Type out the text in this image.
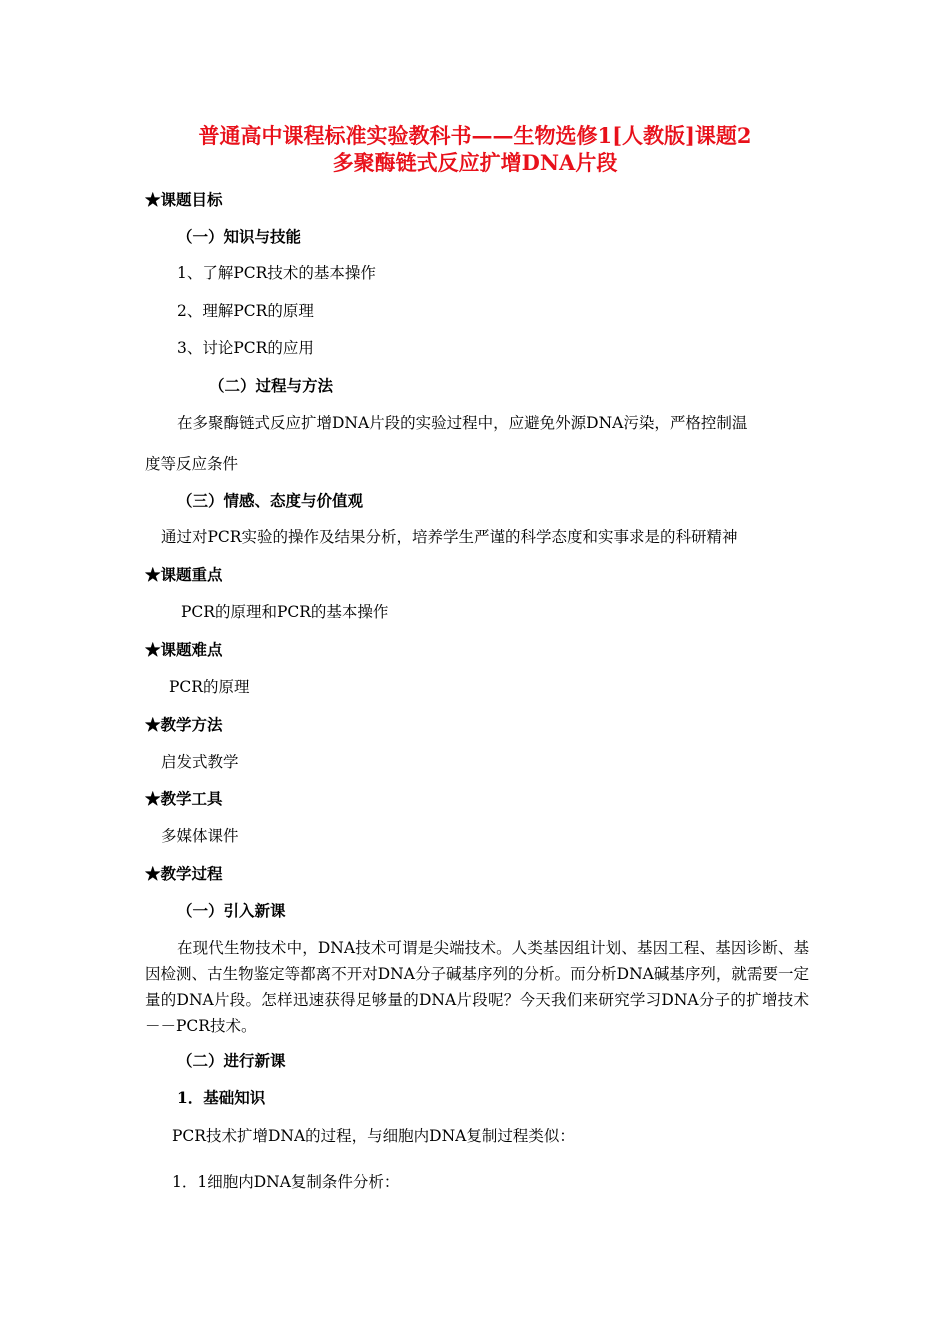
普通高中课程标准实验教科书——生物选修1[人教版]课题2
多聚酶链式反应扩增DNA片段
★课题目标
（一）知识与技能
1、了解PCR技术的基本操作
2、理解PCR的原理
3、讨论PCR的应用
（二）过程与方法
在多聚酶链式反应扩增DNA片段的实验过程中，应避免外源DNA污染，严格控制温
度等反应条件
（三）情感、态度与价值观
通过对PCR实验的操作及结果分析，培养学生严谨的科学态度和实事求是的科研精神
★课题重点
PCR的原理和PCR的基本操作
★课题难点
PCR的原理
★教学方法
启发式教学
★教学工具
多媒体课件
★教学过程
（一）引入新课
在现代生物技术中，DNA技术可谓是尖端技术。人类基因组计划、基因工程、基因诊断、基因检测、古生物鉴定等都离不开对DNA分子碱基序列的分析。而分析DNA碱基序列，就需要一定量的DNA片段。怎样迅速获得足够量的DNA片段呢？今天我们来研究学习DNA分子的扩增技术－－PCR技术。
（二）进行新课
1．基础知识
PCR技术扩增DNA的过程，与细胞内DNA复制过程类似：
1．1细胞内DNA复制条件分析：
